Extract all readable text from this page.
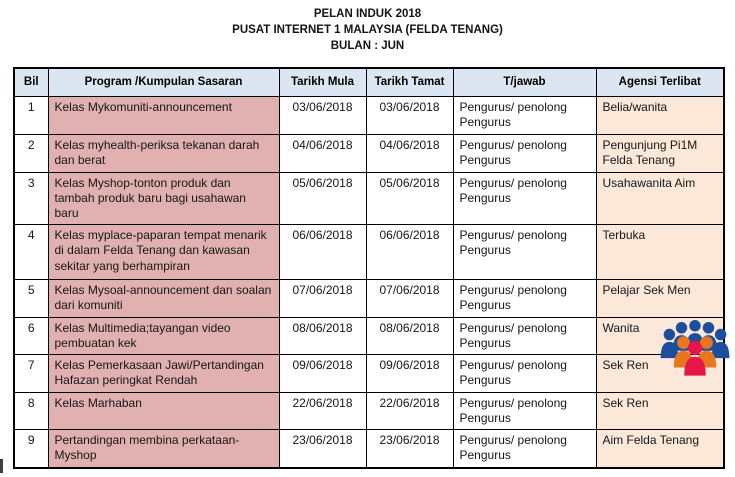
PELAN INDUK 2018
PUSAT INTERNET 1 MALAYSIA (FELDA TENANG)
BULAN : JUN
Bil	Program /Kumpulan Sasaran	Tarikh Mula	Tarikh Tamat	T/jawab	Agensi Terlibat
1	Kelas Mykomuniti-announcement	03/06/2018	03/06/2018	Pengurus/ penolong Pengurus	Belia/wanita
2	Kelas myhealth-periksa tekanan darah dan berat	04/06/2018	04/06/2018	Pengurus/ penolong Pengurus	Pengunjung Pi1M Felda Tenang
3	Kelas Myshop-tonton produk dan tambah produk baru bagi usahawan baru	05/06/2018	05/06/2018	Pengurus/ penolong Pengurus	Usahawanita Aim
4	Kelas myplace-paparan tempat menarik di dalam Felda Tenang dan kawasan sekitar yang berhampiran	06/06/2018	06/06/2018	Pengurus/ penolong Pengurus	Terbuka
5	Kelas Mysoal-announcement dan soalan dari komuniti	07/06/2018	07/06/2018	Pengurus/ penolong Pengurus	Pelajar Sek Men
6	Kelas Multimedia;tayangan video pembuatan kek	08/06/2018	08/06/2018	Pengurus/ penolong Pengurus	Wanita
7	Kelas Pemerkasaan Jawi/Pertandingan Hafazan peringkat Rendah	09/06/2018	09/06/2018	Pengurus/ penolong Pengurus	Sek Ren
8	Kelas Marhaban	22/06/2018	22/06/2018	Pengurus/ penolong Pengurus	Sek Ren
9	Pertandingan membina perkataan-Myshop	23/06/2018	23/06/2018	Pengurus/ penolong Pengurus	Aim Felda Tenang
